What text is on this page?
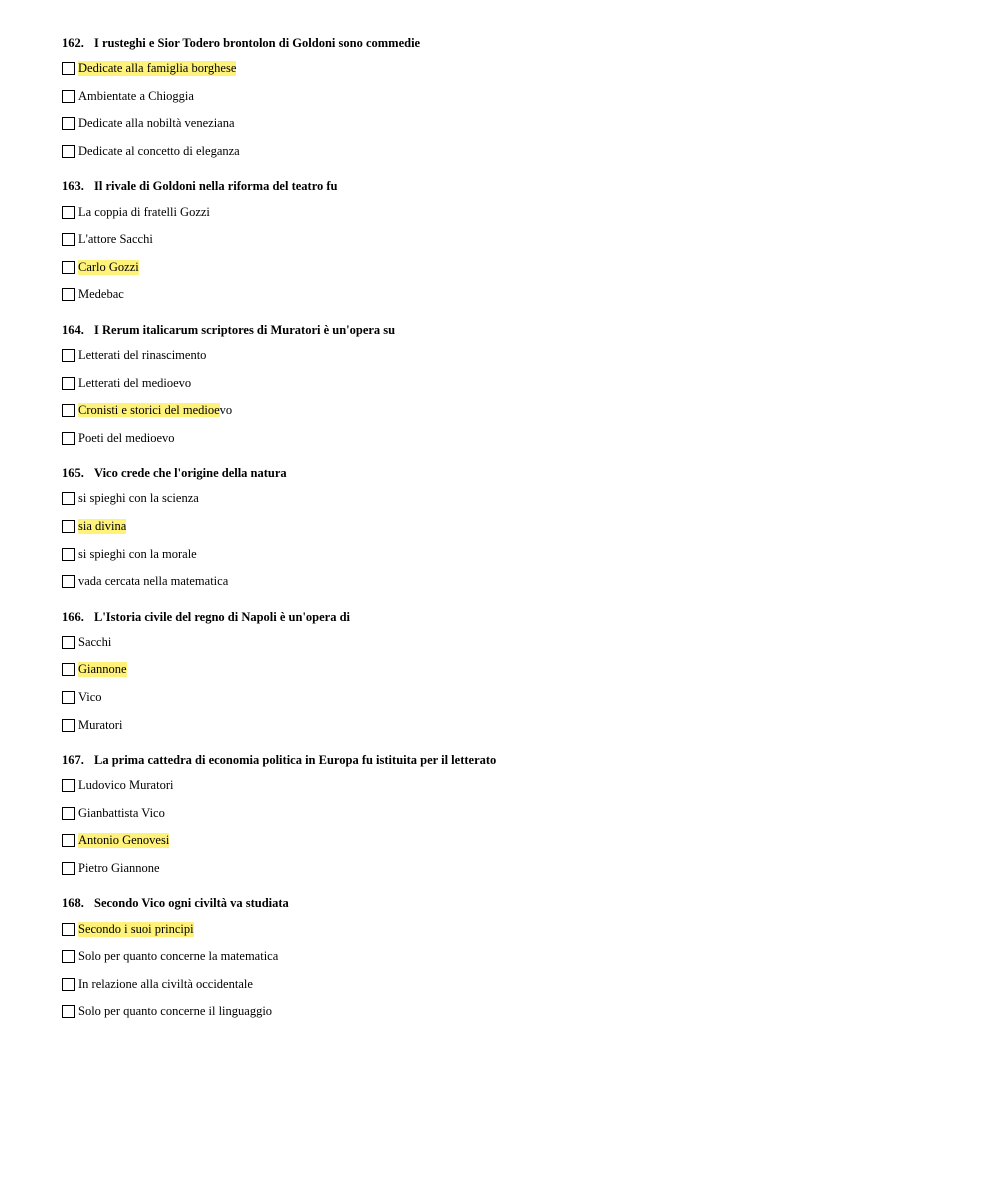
162. I rusteghi e Sior Todero brontolon di Goldoni sono commedie
Dedicate alla famiglia borghese
Ambientate a Chioggia
Dedicate alla nobiltà veneziana
Dedicate al concetto di eleganza
163. Il rivale di Goldoni nella riforma del teatro fu
La coppia di fratelli Gozzi
L'attore Sacchi
Carlo Gozzi
Medebac
164. I Rerum italicarum scriptores di Muratori è un'opera su
Letterati del rinascimento
Letterati del medioevo
Cronisti e storici del medioevo
Poeti del medioevo
165. Vico crede che l'origine della natura
si spieghi con la scienza
sia divina
si spieghi con la morale
vada cercata nella matematica
166. L'Istoria civile del regno di Napoli è un'opera di
Sacchi
Giannone
Vico
Muratori
167. La prima cattedra di economia politica in Europa fu istituita per il letterato
Ludovico Muratori
Gianbattista Vico
Antonio Genovesi
Pietro Giannone
168. Secondo Vico ogni civiltà va studiata
Secondo i suoi principi
Solo per quanto concerne la matematica
In relazione alla civiltà occidentale
Solo per quanto concerne il linguaggio
